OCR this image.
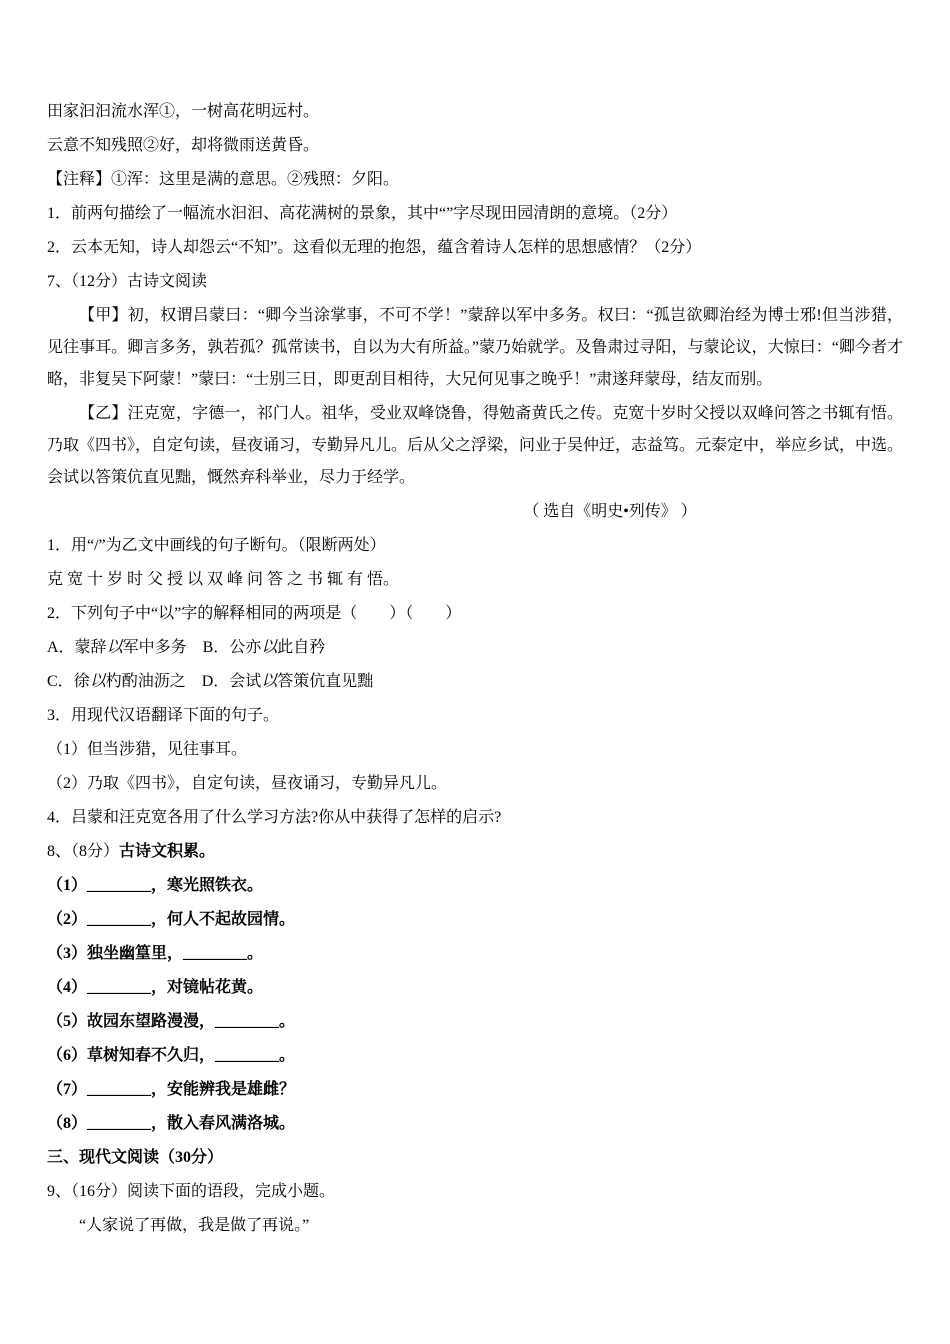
田家汩汩流水浑①，一树高花明远村。

云意不知残照②好，却将微雨送黄昏。

【注释】①浑：这里是满的意思。②残照：夕阳。

1．前两句描绘了一幅流水汩汩、高花满树的景象，其中“”字尽现田园清朗的意境。（2分）

2．云本无知，诗人却怨云“不知”。这看似无理的抱怨，蕴含着诗人怎样的思想感情？（2分）

7、（12分）古诗文阅读

【甲】初，权谓吕蒙曰：“卿今当涂掌事，不可不学！”蒙辞以军中多务。权曰：“孤岂欲卿治经为博士邪!但当涉猎，见往事耳。卿言多务，孰若孤？孤常读书，自以为大有所益。”蒙乃始就学。及鲁肃过寻阳，与蒙论议，大惊曰：“卿今者才略，非复吴下阿蒙！”蒙曰：“士别三日，即更刮目相待，大兄何见事之晚乎！”肃遂拜蒙母，结友而别。

【乙】汪克宽，字德一，祁门人。祖华，受业双峰饶鲁，得勉斋黄氏之传。克宽十岁时父授以双峰问答之书辄有悟。乃取《四书》，自定句读，昼夜诵习，专勤异凡儿。后从父之浮梁，问业于吴仲迂，志益笃。元泰定中，举应乡试，中选。会试以答策伉直见黜，慨然弃科举业，尽力于经学。

（ 选自《明史•列传》 ）

1．用“/”为乙文中画线的句子断句。（限断两处）

克 宽 十 岁 时 父 授 以 双 峰 问 答 之 书 辄 有 悟。

2．下列句子中“以”字的解释相同的两项是（　　）（　　）

A．蒙辞以军中多务　B．公亦以此自矜

C．徐以杓酌油沥之　D．会试以答策伉直见黜

3．用现代汉语翻译下面的句子。

（1）但当涉猎，见往事耳。

（2）乃取《四书》，自定句读，昼夜诵习，专勤异凡儿。

4．吕蒙和汪克宽各用了什么学习方法?你从中获得了怎样的启示?

8、（8分）古诗文积累。

（1）________，寒光照铁衣。

（2）________，何人不起故园情。

（3）独坐幽篁里，________。

（4）________，对镜帖花黄。

（5）故园东望路漫漫，________。

（6）草树知春不久归，________。

（7）________，安能辨我是雄雌？

（8）________，散入春风满洛城。

三、现代文阅读（30分）

9、（16分）阅读下面的语段，完成小题。

“人家说了再做，我是做了再说。”
